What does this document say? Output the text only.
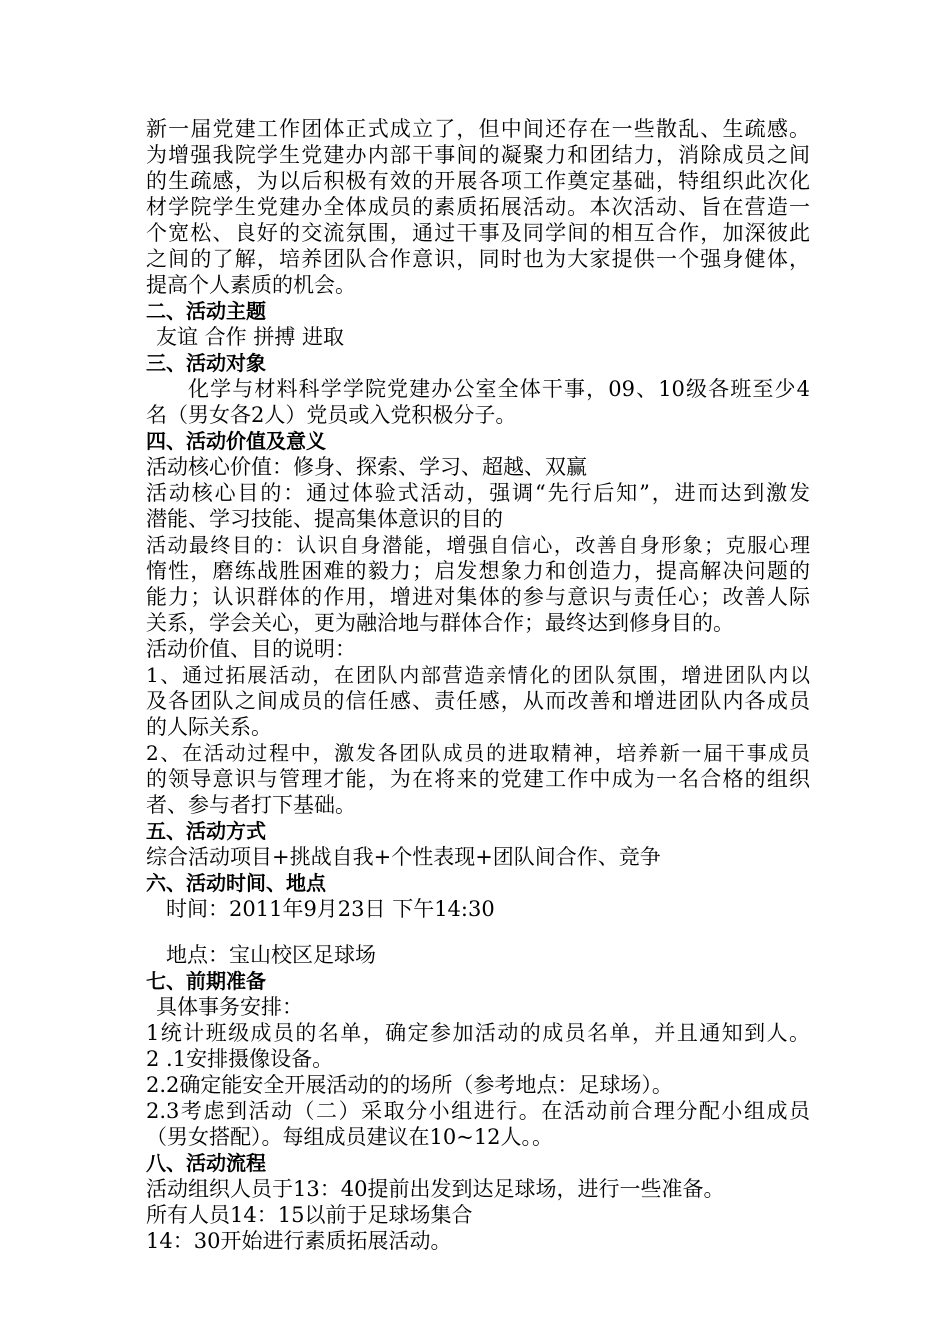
新一届党建工作团体正式成立了，但中间还存在一些散乱、生疏感。
为增强我院学生党建办内部干事间的凝聚力和团结力，消除成员之间
的生疏感，为以后积极有效的开展各项工作奠定基础，特组织此次化
材学院学生党建办全体成员的素质拓展活动。本次活动、旨在营造一
个宽松、良好的交流氛围，通过干事及同学间的相互合作，加深彼此
之间的了解，培养团队合作意识，同时也为大家提供一个强身健体，
提高个人素质的机会。
二、活动主题
友谊 合作 拼搏 进取
三、活动对象
化学与材料科学学院党建办公室全体干事，09、10级各班至少4
名（男女各2人）党员或入党积极分子。
四、活动价值及意义
活动核心价值：修身、探索、学习、超越、双赢
活动核心目的：通过体验式活动，强调“先行后知”，进而达到激发
潜能、学习技能、提高集体意识的目的
活动最终目的：认识自身潜能，增强自信心，改善自身形象；克服心理
惰性，磨练战胜困难的毅力；启发想象力和创造力，提高解决问题的
能力；认识群体的作用，增进对集体的参与意识与责任心；改善人际
关系，学会关心，更为融洽地与群体合作；最终达到修身目的。
活动价值、目的说明：
1、通过拓展活动，在团队内部营造亲情化的团队氛围，增进团队内以
及各团队之间成员的信任感、责任感，从而改善和增进团队内各成员
的人际关系。
2、在活动过程中，激发各团队成员的进取精神，培养新一届干事成员
的领导意识与管理才能，为在将来的党建工作中成为一名合格的组织
者、参与者打下基础。
五、活动方式
综合活动项目+挑战自我+个性表现+团队间合作、竞争
六、活动时间、地点
时间：2011年9月23日 下午14:30
地点：宝山校区足球场
七、前期准备
具体事务安排：
1统计班级成员的名单，确定参加活动的成员名单，并且通知到人。
2 .1安排摄像设备。
2.2确定能安全开展活动的的场所（参考地点：足球场）。
2.3考虑到活动（二）采取分小组进行。在活动前合理分配小组成员
（男女搭配）。每组成员建议在10~12人。。
八、活动流程
活动组织人员于13：40提前出发到达足球场，进行一些准备。
所有人员14：15以前于足球场集合
14：30开始进行素质拓展活动。
